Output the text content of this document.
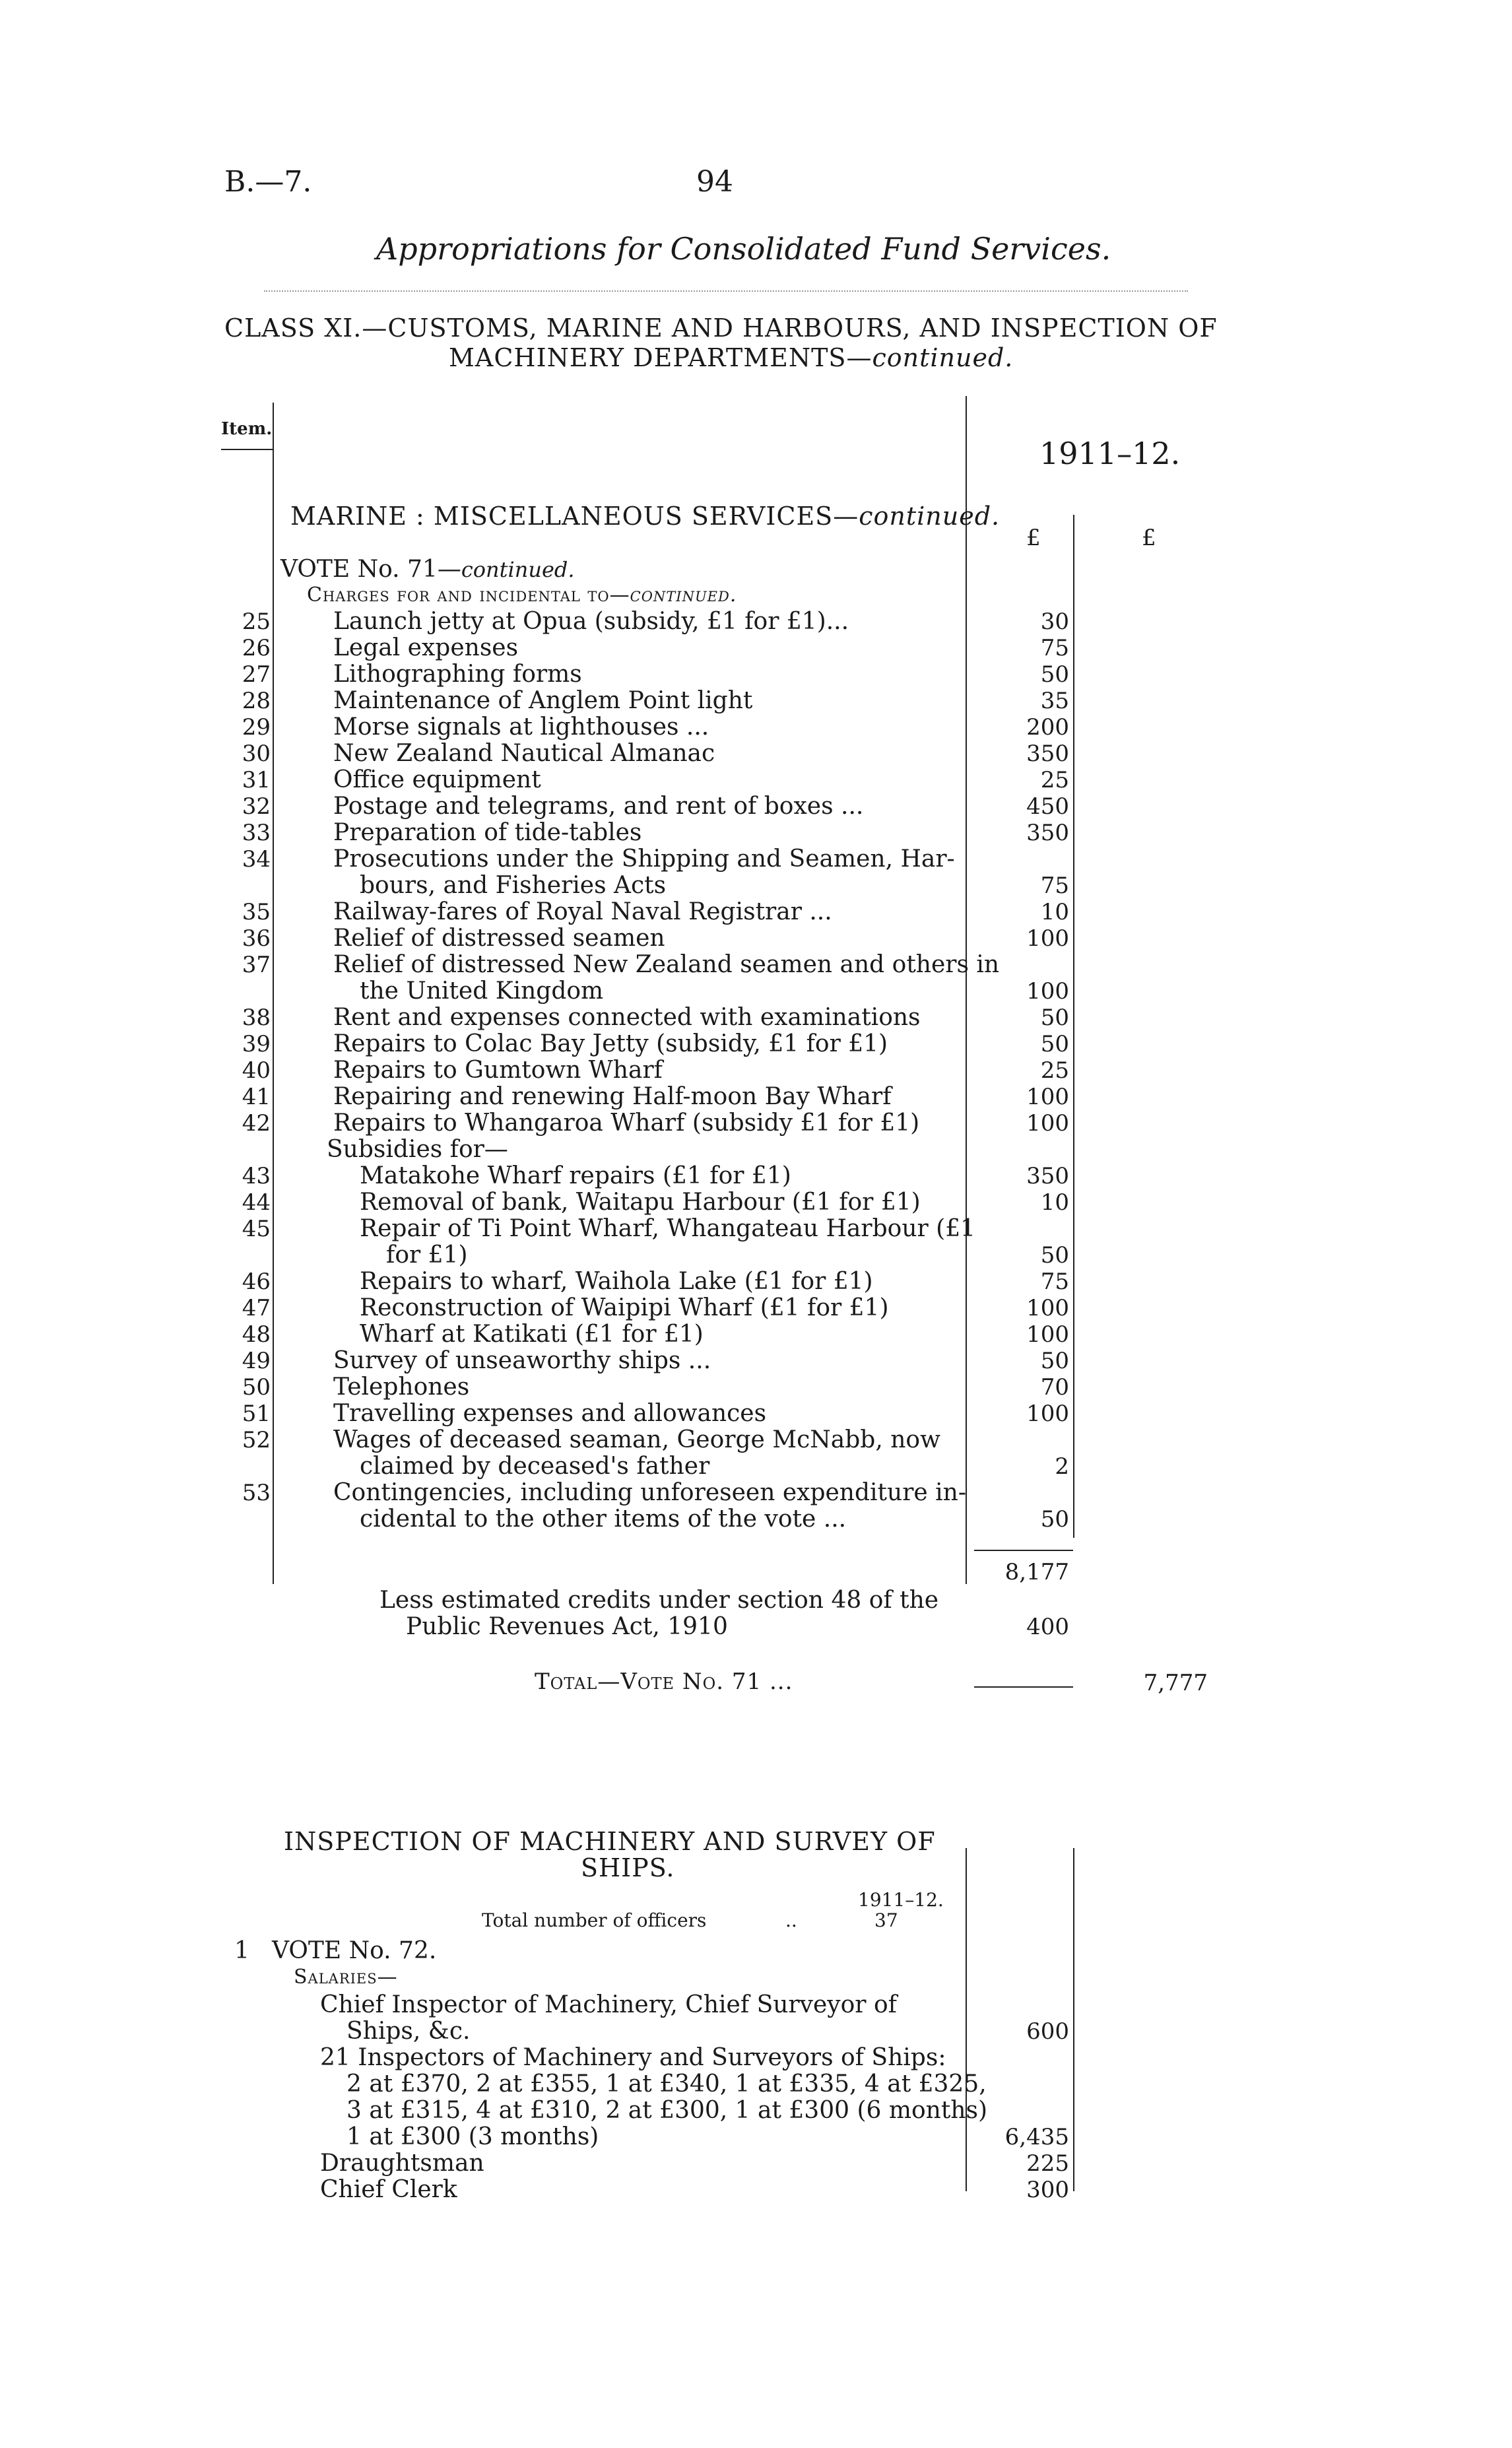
B.—7.	94
Appropriations for Consolidated Fund Services.
CLASS XI.—CUSTOMS, MARINE AND HARBOURS, AND INSPECTION OF
MACHINERY DEPARTMENTS—continued.
Item.
1911–12.
£	£
MARINE : MISCELLANEOUS SERVICES—continued.
VOTE No. 71—continued.
Charges for and incidental to—continued.
25	Launch jetty at Opua (subsidy, £1 for £1)...	30
26	Legal expenses	75
27	Lithographing forms	50
28	Maintenance of Anglem Point light	35
29	Morse signals at lighthouses ...	200
30	New Zealand Nautical Almanac	350
31	Office equipment	25
32	Postage and telegrams, and rent of boxes ...	450
33	Preparation of tide-tables	350
34	Prosecutions under the Shipping and Seamen, Har-
bours, and Fisheries Acts	75
35	Railway-fares of Royal Naval Registrar ...	10
36	Relief of distressed seamen	100
37	Relief of distressed New Zealand seamen and others in
the United Kingdom	100
38	Rent and expenses connected with examinations	50
39	Repairs to Colac Bay Jetty (subsidy, £1 for £1)	50
40	Repairs to Gumtown Wharf	25
41	Repairing and renewing Half-moon Bay Wharf	100
42	Repairs to Whangaroa Wharf (subsidy £1 for £1)	100
Subsidies for—
43	Matakohe Wharf repairs (£1 for £1)	350
44	Removal of bank, Waitapu Harbour (£1 for £1)	10
45	Repair of Ti Point Wharf, Whangateau Harbour (£1
for £1)	50
46	Repairs to wharf, Waihola Lake (£1 for £1)	75
47	Reconstruction of Waipipi Wharf (£1 for £1)	100
48	Wharf at Katikati (£1 for £1)	100
49	Survey of unseaworthy ships ...	50
50	Telephones	70
51	Travelling expenses and allowances	100
52	Wages of deceased seaman, George McNabb, now
claimed by deceased's father	2
53	Contingencies, including unforeseen expenditure in-
cidental to the other items of the vote ...	50
8,177
Less estimated credits under section 48 of the
Public Revenues Act, 1910	400
Total—Vote No. 71 ...	7,777
INSPECTION OF MACHINERY AND SURVEY OF
SHIPS.
1911–12.
Total number of officers	..	37
1 VOTE No. 72.
Salaries—
Chief Inspector of Machinery, Chief Surveyor of
Ships, &c.	600
21 Inspectors of Machinery and Surveyors of Ships:
2 at £370, 2 at £355, 1 at £340, 1 at £335, 4 at £325,
3 at £315, 4 at £310, 2 at £300, 1 at £300 (6 months)
1 at £300 (3 months)	6,435
Draughtsman	225
Chief Clerk	300
